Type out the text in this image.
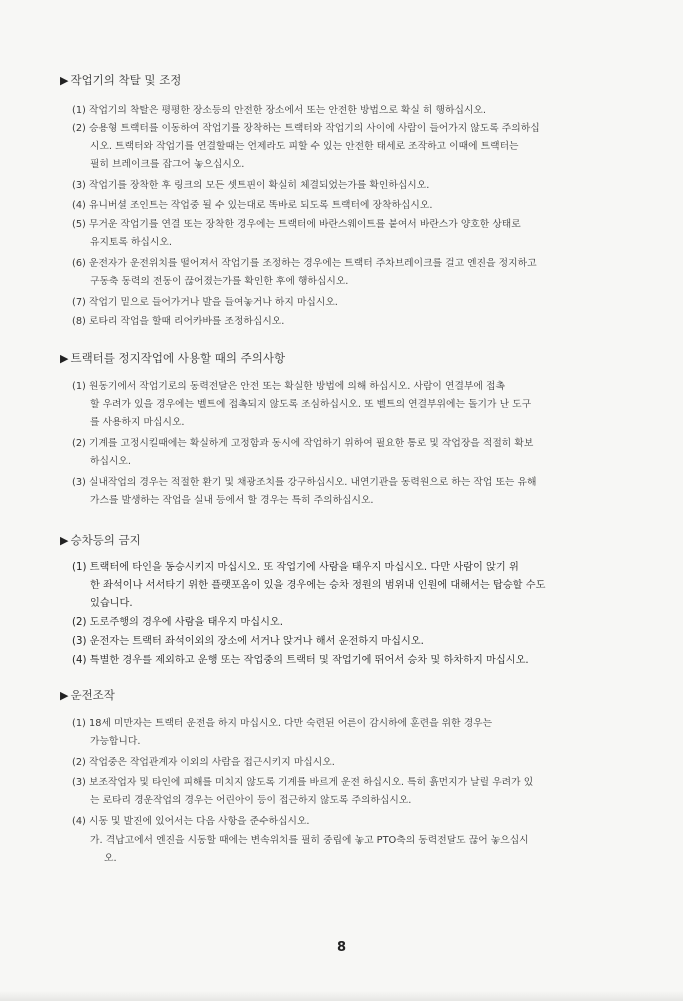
▶ 작업기의 착탈 및 조정
(1) 작업기의 착탈은 평평한 장소등의 안전한 장소에서 또는 안전한 방법으로 확실 히 행하십시오.
(2) 승용형 트랙터를 이동하여 작업기를 장착하는 트랙터와 작업기의 사이에 사람이 들어가지 않도록 주의하십
시오. 트랙터와 작업기를 연결할때는 언제라도 피할 수 있는 안전한 태세로 조작하고 이때에 트랙터는
필히 브레이크를 잡그어 놓으십시오.
(3) 작업기를 장착한 후 링크의 모든 셋트핀이 확실히 체결되었는가를 확인하십시오.
(4) 유니버셜 조인트는 작업중 될 수 있는대로 똑바로 되도록 트랙터에 장착하십시오.
(5) 무거운 작업기를 연결 또는 장착한 경우에는 트랙터에 바란스웨이트를 붙여서 바란스가 양호한 상태로
유지토록 하십시오.
(6) 운전자가 운전위치를 떨어져서 작업기를 조정하는 경우에는 트랙터 주차브레이크를 걸고 엔진을 정지하고
구동축 동력의 전동이 끊어졌는가를 확인한 후에 행하십시오.
(7) 작업기 밑으로 들어가거나 발을 들여놓거나 하지 마십시오.
(8) 로타리 작업을 할때 리어카바를 조정하십시오.
▶ 트랙터를 정지작업에 사용할 때의 주의사항
(1) 원동기에서 작업기로의 동력전달은 안전 또는 확실한 방법에 의해 하십시오. 사람이 연결부에 접촉
할 우려가 있을 경우에는 벨트에 접촉되지 않도록 조심하십시오. 또 벨트의 연결부위에는 돌기가 난 도구
를 사용하지 마십시오.
(2) 기계를 고정시킬때에는 확실하게 고정함과 동시에 작업하기 위하여 필요한 통로 및 작업장을 적절히 확보
하십시오.
(3) 실내작업의 경우는 적절한 환기 및 채광조치를 강구하십시오. 내연기관을 동력원으로 하는 작업 또는 유해
가스를 발생하는 작업을 실내 등에서 할 경우는 특히 주의하십시오.
▶ 승차등의 금지
(1) 트랙터에 타인을 동승시키지 마십시오. 또 작업기에 사람을 태우지 마십시오. 다만 사람이 앉기 위
한 좌석이나 서서타기 위한 플랫포옴이 있을 경우에는 승차 정원의 범위내 인원에 대해서는 탑승할 수도
있습니다.
(2) 도로주행의 경우에 사람을 태우지 마십시오.
(3) 운전자는 트랙터 좌석이외의 장소에 서거나 앉거나 해서 운전하지 마십시오.
(4) 특별한 경우를 제외하고 운행 또는 작업중의 트랙터 및 작업기에 뛰어서 승차 및 하차하지 마십시오.
▶ 운전조작
(1) 18세 미만자는 트랙터 운전을 하지 마십시오. 다만 숙련된 어른이 감시하에 훈련을 위한 경우는
가능합니다.
(2) 작업중은 작업관계자 이외의 사람을 접근시키지 마십시오.
(3) 보조작업자 및 타인에 피해를 미치지 않도록 기계를 바르게 운전 하십시오. 특히 흙먼지가 날릴 우려가 있
는 로타리 경운작업의 경우는 어린아이 등이 접근하지 않도록 주의하십시오.
(4) 시동 및 발진에 있어서는 다음 사항을 준수하십시오.
가. 격납고에서 엔진을 시동할 때에는 변속위치를 필히 중립에 놓고 PTO축의 동력전달도 끊어 놓으십시
오.
8
